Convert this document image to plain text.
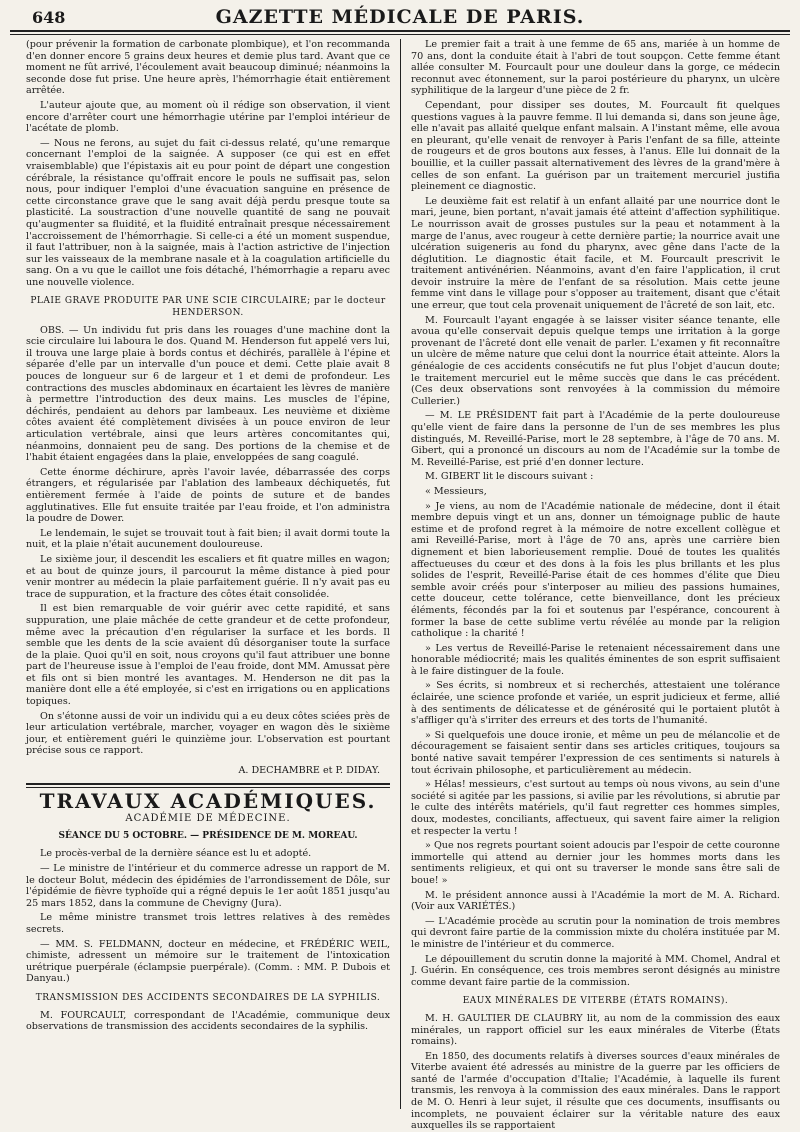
648	GAZETTE MÉDICALE DE PARIS.

(pour prévenir la formation de carbonate plombique), et l'on recommanda d'en donner encore 5 grains deux heures et demie plus tard. Avant que ce moment ne fût arrivé, l'écoulement avait beaucoup diminué; néanmoins la seconde dose fut prise. Une heure après, l'hémorrhagie était entièrement arrêtée.

L'auteur ajoute que, au moment où il rédige son observation, il vient encore d'arrêter court une hémorrhagie utérine par l'emploi intérieur de l'acétate de plomb.

— Nous ne ferons, au sujet du fait ci-dessus relaté, qu'une remarque concernant l'emploi de la saignée. A supposer (ce qui est en effet vraisemblable) que l'épistaxis ait eu pour point de départ une congestion cérébrale, la résistance qu'offrait encore le pouls ne suffisait pas, selon nous, pour indiquer l'emploi d'une évacuation sanguine en présence de cette circonstance grave que le sang avait déjà perdu presque toute sa plasticité. La soustraction d'une nouvelle quantité de sang ne pouvait qu'augmenter sa fluidité, et la fluidité entraînait presque nécessairement l'accroissement de l'hémorrhagie. Si celle-ci a été un moment suspendue, il faut l'attribuer, non à la saignée, mais à l'action astrictive de l'injection sur les vaisseaux de la membrane nasale et à la coagulation artificielle du sang. On a vu que le caillot une fois détaché, l'hémorrhagie a reparu avec une nouvelle violence.

PLAIE GRAVE PRODUITE PAR UNE SCIE CIRCULAIRE; par le docteur HENDERSON.

OBS. — Un individu fut pris dans les rouages d'une machine dont la scie circulaire lui laboura le dos. Quand M. Henderson fut appelé vers lui, il trouva une large plaie à bords contus et déchirés, parallèle à l'épine et séparée d'elle par un intervalle d'un pouce et demi. Cette plaie avait 8 pouces de longueur sur 6 de largeur et 1 et demi de profondeur. Les contractions des muscles abdominaux en écartaient les lèvres de manière à permettre l'introduction des deux mains. Les muscles de l'épine, déchirés, pendaient au dehors par lambeaux. Les neuvième et dixième côtes avaient été complètement divisées à un pouce environ de leur articulation vertébrale, ainsi que leurs artères concomitantes qui, néanmoins, donnaient peu de sang. Des portions de la chemise et de l'habit étaient engagées dans la plaie, enveloppées de sang coagulé.

Cette énorme déchirure, après l'avoir lavée, débarrassée des corps étrangers, et régularisée par l'ablation des lambeaux déchiquetés, fut entièrement fermée à l'aide de points de suture et de bandes agglutinatives. Elle fut ensuite traitée par l'eau froide, et l'on administra la poudre de Dower.

Le lendemain, le sujet se trouvait tout à fait bien; il avait dormi toute la nuit, et la plaie n'était aucunement douloureuse.

Le sixième jour, il descendit les escaliers et fit quatre milles en wagon; et au bout de quinze jours, il parcourut la même distance à pied pour venir montrer au médecin la plaie parfaitement guérie. Il n'y avait pas eu trace de suppuration, et la fracture des côtes était consolidée.

Il est bien remarquable de voir guérir avec cette rapidité, et sans suppuration, une plaie mâchée de cette grandeur et de cette profondeur, même avec la précaution d'en régulariser la surface et les bords. Il semble que les dents de la scie avaient dû désorganiser toute la surface de la plaie. Quoi qu'il en soit, nous croyons qu'il faut attribuer une bonne part de l'heureuse issue à l'emploi de l'eau froide, dont MM. Amussat père et fils ont si bien montré les avantages. M. Henderson ne dit pas la manière dont elle a été employée, si c'est en irrigations ou en applications topiques.

On s'étonne aussi de voir un individu qui a eu deux côtes sciées près de leur articulation vertébrale, marcher, voyager en wagon dès le sixième jour, et entièrement guéri le quinzième jour. L'observation est pourtant précise sous ce rapport.

A. DECHAMBRE et P. DIDAY.
TRAVAUX ACADÉMIQUES.
ACADÉMIE DE MÉDECINE.
SÉANCE DU 5 OCTOBRE. — PRÉSIDENCE DE M. MOREAU.

Le procès-verbal de la dernière séance est lu et adopté.

— Le ministre de l'intérieur et du commerce adresse un rapport de M. le docteur Bolut, médecin des épidémies de l'arrondissement de Dôle, sur l'épidémie de fièvre typhoïde qui a régné depuis le 1er août 1851 jusqu'au 25 mars 1852, dans la commune de Chevigny (Jura).

Le même ministre transmet trois lettres relatives à des remèdes secrets.

— MM. S. FELDMANN, docteur en médecine, et FRÉDÉRIC WEIL, chimiste, adressent un mémoire sur le traitement de l'intoxication urétrique puerpérale (éclampsie puerpérale). (Comm. : MM. P. Dubois et Danyau.)

TRANSMISSION DES ACCIDENTS SECONDAIRES DE LA SYPHILIS.

M. FOURCAULT, correspondant de l'Académie, communique deux observations de transmission des accidents secondaires de la syphilis.

Le premier fait a trait à une femme de 65 ans, mariée à un homme de 70 ans, dont la conduite était à l'abri de tout soupçon. Cette femme étant allée consulter M. Fourcault pour une douleur dans la gorge, ce médecin reconnut avec étonnement, sur la paroi postérieure du pharynx, un ulcère syphilitique de la largeur d'une pièce de 2 fr.

Cependant, pour dissiper ses doutes, M. Fourcault fit quelques questions vagues à la pauvre femme. Il lui demanda si, dans son jeune âge, elle n'avait pas allaité quelque enfant malsain. A l'instant même, elle avoua en pleurant, qu'elle venait de renvoyer à Paris l'enfant de sa fille, atteinte de rougeurs et de gros boutons aux fesses, à l'anus. Elle lui donnait de la bouillie, et la cuiller passait alternativement des lèvres de la grand'mère à celles de son enfant. La guérison par un traitement mercuriel justifia pleinement ce diagnostic.

Le deuxième fait est relatif à un enfant allaité par une nourrice dont le mari, jeune, bien portant, n'avait jamais été atteint d'affection syphilitique. Le nourrisson avait de grosses pustules sur la peau et notamment à la marge de l'anus, avec rougeur à cette dernière partie; la nourrice avait une ulcération suigeneris au fond du pharynx, avec gêne dans l'acte de la déglutition. Le diagnostic était facile, et M. Fourcault prescrivit le traitement antivénérien. Néanmoins, avant d'en faire l'application, il crut devoir instruire la mère de l'enfant de sa résolution. Mais cette jeune femme vint dans le village pour s'opposer au traitement, disant que c'était une erreur, que tout cela provenait uniquement de l'âcreté de son lait, etc.

M. Fourcault l'ayant engagée à se laisser visiter séance tenante, elle avoua qu'elle conservait depuis quelque temps une irritation à la gorge provenant de l'âcreté dont elle venait de parler. L'examen y fit reconnaître un ulcère de même nature que celui dont la nourrice était atteinte. Alors la généalogie de ces accidents consécutifs ne fut plus l'objet d'aucun doute; le traitement mercuriel eut le même succès que dans le cas précédent. (Ces deux observations sont renvoyées à la commission du mémoire Cullerier.)

— M. LE PRÉSIDENT fait part à l'Académie de la perte douloureuse qu'elle vient de faire dans la personne de l'un de ses membres les plus distingués, M. Reveillé-Parise, mort le 28 septembre, à l'âge de 70 ans. M. Gibert, qui a prononcé un discours au nom de l'Académie sur la tombe de M. Reveillé-Parise, est prié d'en donner lecture.

M. GIBERT lit le discours suivant :

« Messieurs,

» Je viens, au nom de l'Académie nationale de médecine, dont il était membre depuis vingt et un ans, donner un témoignage public de haute estime et de profond regret à la mémoire de notre excellent collègue et ami Reveillé-Parise, mort à l'âge de 70 ans, après une carrière bien dignement et bien laborieusement remplie. Doué de toutes les qualités affectueuses du cœur et des dons à la fois les plus brillants et les plus solides de l'esprit, Reveillé-Parise était de ces hommes d'élite que Dieu semble avoir créés pour s'interposer au milieu des passions humaines, cette douceur, cette tolérance, cette bienveillance, dont les précieux éléments, fécondés par la foi et soutenus par l'espérance, concourent à former la base de cette sublime vertu révélée au monde par la religion catholique : la charité !

» Les vertus de Reveillé-Parise le retenaient nécessairement dans une honorable médiocrité; mais les qualités éminentes de son esprit suffisaient à le faire distinguer de la foule.

» Ses écrits, si nombreux et si recherchés, attestaient une tolérance éclairée, une science profonde et variée, un esprit judicieux et ferme, allié à des sentiments de délicatesse et de générosité qui le portaient plutôt à s'affliger qu'à s'irriter des erreurs et des torts de l'humanité.

» Si quelquefois une douce ironie, et même un peu de mélancolie et de découragement se faisaient sentir dans ses articles critiques, toujours sa bonté native savait tempérer l'expression de ces sentiments si naturels à tout écrivain philosophe, et particulièrement au médecin.

» Hélas! messieurs, c'est surtout au temps où nous vivons, au sein d'une société si agitée par les passions, si avilie par les révolutions, si abrutie par le culte des intérêts matériels, qu'il faut regretter ces hommes simples, doux, modestes, conciliants, affectueux, qui savent faire aimer la religion et respecter la vertu !

» Que nos regrets pourtant soient adoucis par l'espoir de cette couronne immortelle qui attend au dernier jour les hommes morts dans les sentiments religieux, et qui ont su traverser le monde sans être sali de boue! »

M. le président annonce aussi à l'Académie la mort de M. A. Richard. (Voir aux VARIÉTÉS.)

— L'Académie procède au scrutin pour la nomination de trois membres qui devront faire partie de la commission mixte du choléra instituée par M. le ministre de l'intérieur et du commerce.

Le dépouillement du scrutin donne la majorité à MM. Chomel, Andral et J. Guérin. En conséquence, ces trois membres seront désignés au ministre comme devant faire partie de la commission.

EAUX MINÉRALES DE VITERBE (ÉTATS ROMAINS).

M. H. GAULTIER DE CLAUBRY lit, au nom de la commission des eaux minérales, un rapport officiel sur les eaux minérales de Viterbe (États romains).

En 1850, des documents relatifs à diverses sources d'eaux minérales de Viterbe avaient été adressés au ministre de la guerre par les officiers de santé de l'armée d'occupation d'Italie; l'Académie, à laquelle ils furent transmis, les renvoya à la commission des eaux minérales. Dans le rapport de M. O. Henri à leur sujet, il résulte que ces documents, insuffisants ou incomplets, ne pouvaient éclairer sur la véritable nature des eaux auxquelles ils se rapportaient
